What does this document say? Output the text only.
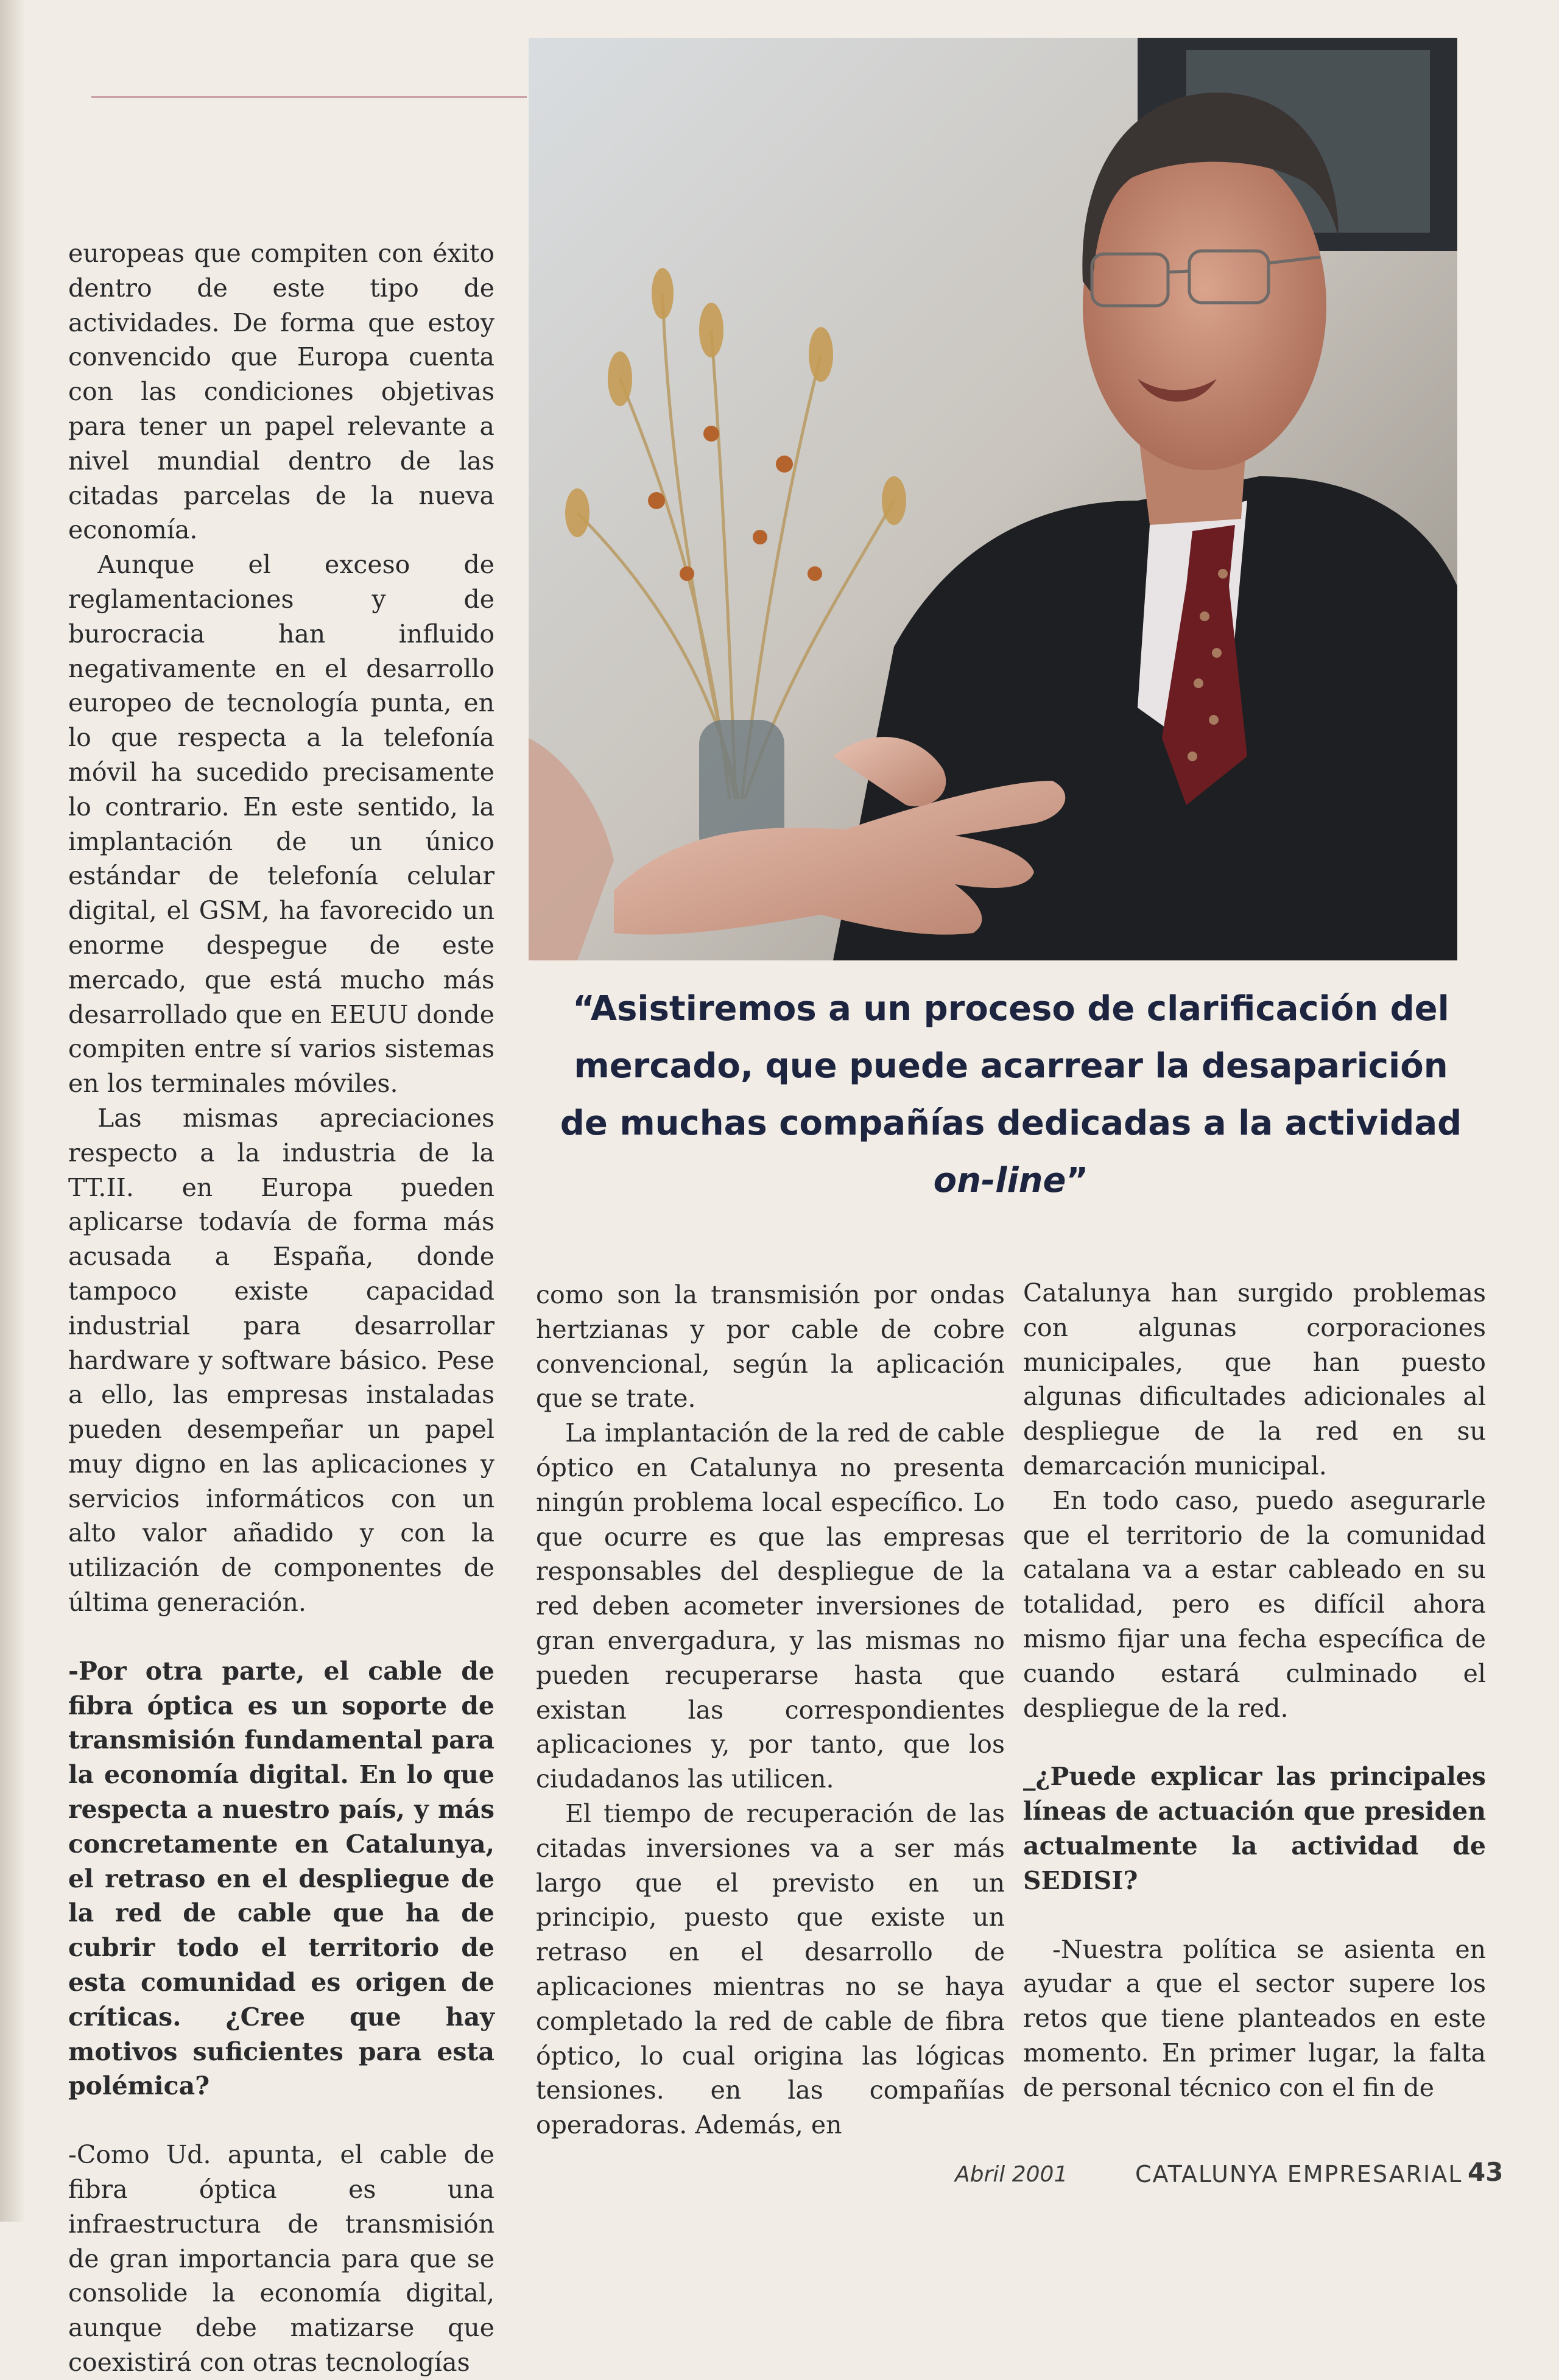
europeas que compiten con éxito dentro de este tipo de actividades. De forma que estoy convencido que Europa cuenta con las condiciones objetivas para tener un papel relevante a nivel mundial dentro de las citadas parcelas de la nueva economía.

Aunque el exceso de reglamentaciones y de burocracia han influido negativamente en el desarrollo europeo de tecnología punta, en lo que respecta a la telefonía móvil ha sucedido precisamente lo contrario. En este sentido, la implantación de un único estándar de telefonía celular digital, el GSM, ha favorecido un enorme despegue de este mercado, que está mucho más desarrollado que en EEUU donde compiten entre sí varios sistemas en los terminales móviles.

Las mismas apreciaciones respecto a la industria de la TT.II. en Europa pueden aplicarse todavía de forma más acusada a España, donde tampoco existe capacidad industrial para desarrollar hardware y software básico. Pese a ello, las empresas instaladas pueden desempeñar un papel muy digno en las aplicaciones y servicios informáticos con un alto valor añadido y con la utilización de componentes de última generación.

-Por otra parte, el cable de fibra óptica es un soporte de transmisión fundamental para la economía digital. En lo que respecta a nuestro país, y más concretamente en Catalunya, el retraso en el despliegue de la red de cable que ha de cubrir todo el territorio de esta comunidad es origen de críticas. ¿Cree que hay motivos suficientes para esta polémica?

-Como Ud. apunta, el cable de fibra óptica es una infraestructura de transmisión de gran importancia para que se consolide la economía digital, aunque debe matizarse que coexistirá con otras tecnologías

“Asistiremos a un proceso de clarificación del mercado, que puede acarrear la desaparición de muchas compañías dedicadas a la actividad on-line”

como son la transmisión por ondas hertzianas y por cable de cobre convencional, según la aplicación que se trate.

La implantación de la red de cable óptico en Catalunya no presenta ningún problema local específico. Lo que ocurre es que las empresas responsables del despliegue de la red deben acometer inversiones de gran envergadura, y las mismas no pueden recuperarse hasta que existan las correspondientes aplicaciones y, por tanto, que los ciudadanos las utilicen.

El tiempo de recuperación de las citadas inversiones va a ser más largo que el previsto en un principio, puesto que existe un retraso en el desarrollo de aplicaciones mientras no se haya completado la red de cable de fibra óptico, lo cual origina las lógicas tensiones. en las compañías operadoras. Además, en

Catalunya han surgido problemas con algunas corporaciones municipales, que han puesto algunas dificultades adicionales al despliegue de la red en su demarcación municipal.

En todo caso, puedo asegurarle que el territorio de la comunidad catalana va a estar cableado en su totalidad, pero es difícil ahora mismo fijar una fecha específica de cuando estará culminado el despliegue de la red.

_¿Puede explicar las principales líneas de actuación que presiden actualmente la actividad de SEDISI?

-Nuestra política se asienta en ayudar a que el sector supere los retos que tiene planteados en este momento. En primer lugar, la falta de personal técnico con el fin de

Abril 2001	CATALUNYA EMPRESARIAL 43
